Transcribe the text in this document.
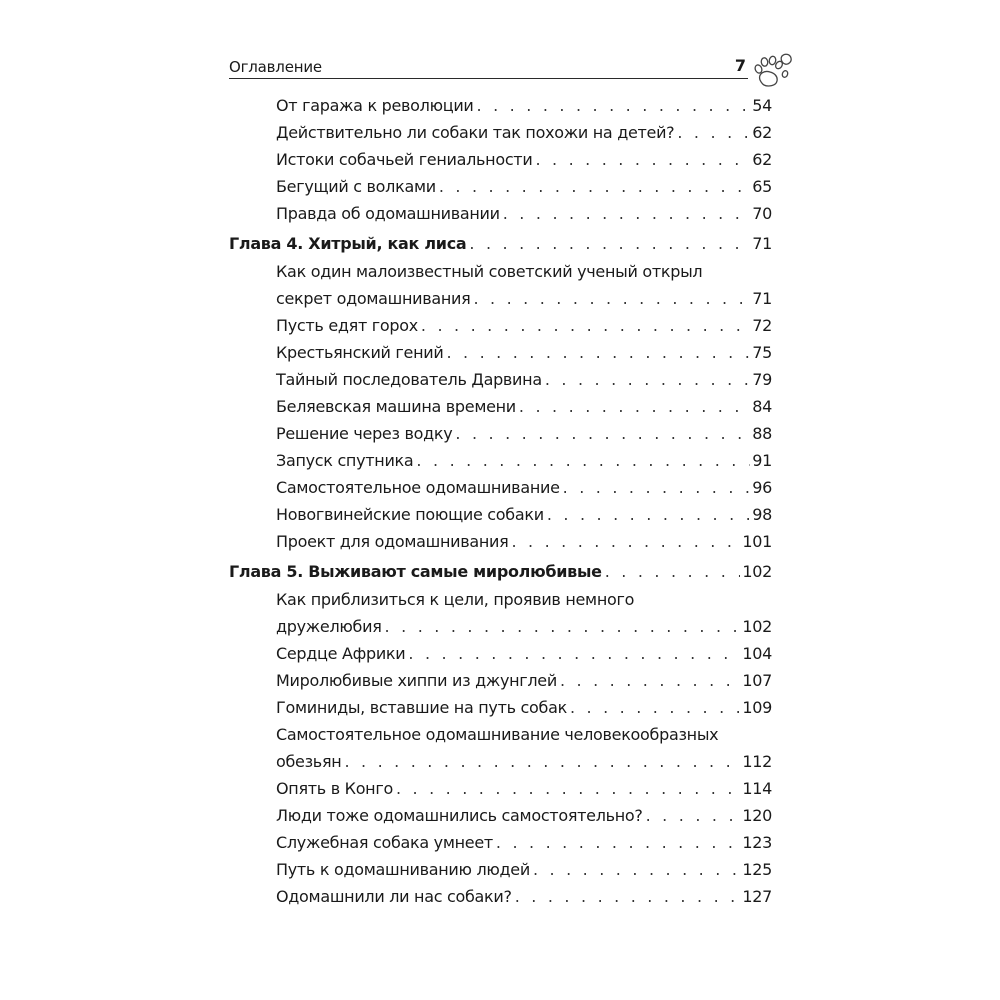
Оглавление	7
От гаража к революции . . .	54
Действительно ли собаки так похожи на детей? . . .	62
Истоки собачьей гениальности . . .	62
Бегущий с волками . . .	65
Правда об одомашнивании . . .	70
Глава 4. Хитрый, как лиса . . .	71
Как один малоизвестный советский ученый открыл
секрет одомашнивания . . .	71
Пусть едят горох . . .	72
Крестьянский гений . . .	75
Тайный последователь Дарвина . . .	79
Беляевская машина времени . . .	84
Решение через водку . . .	88
Запуск спутника . . .	91
Самостоятельное одомашнивание . . .	96
Новогвинейские поющие собаки . . .	98
Проект для одомашнивания . . .	101
Глава 5. Выживают самые миролюбивые . . .	102
Как приблизиться к цели, проявив немного
дружелюбия . . .	102
Сердце Африки . . .	104
Миролюбивые хиппи из джунглей . . .	107
Гоминиды, вставшие на путь собак . . .	109
Самостоятельное одомашнивание человекообразных
обезьян . . .	112
Опять в Конго . . .	114
Люди тоже одомашнились самостоятельно? . . .	120
Служебная собака умнеет . . .	123
Путь к одомашниванию людей . . .	125
Одомашнили ли нас собаки? . . .	127
